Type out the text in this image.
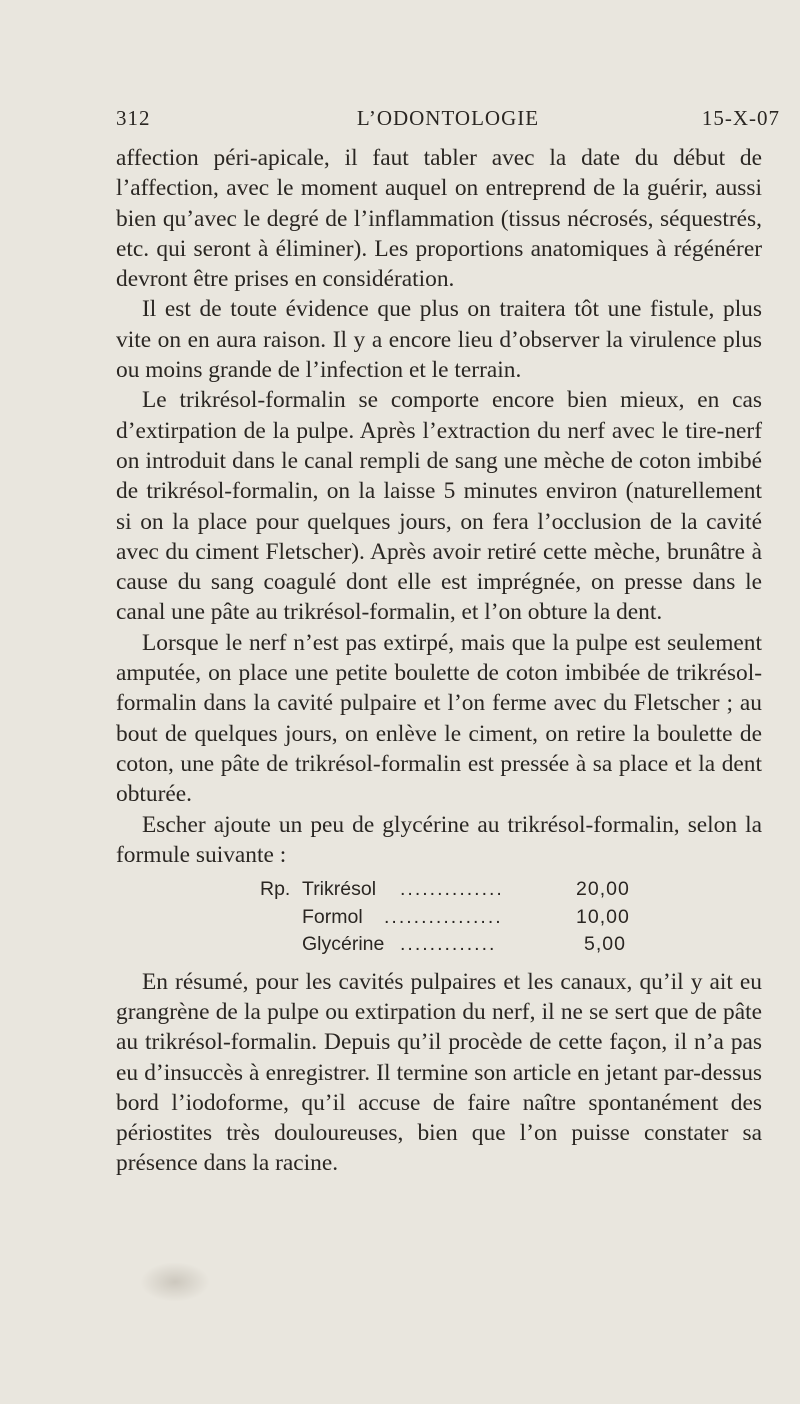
312	L’ODONTOLOGIE	15-X-07

affection péri-apicale, il faut tabler avec la date du début de l’affection, avec le moment auquel on entreprend de la guérir, aussi bien qu’avec le degré de l’inflammation (tissus nécrosés, séquestrés, etc. qui seront à éliminer). Les proportions anatomiques à régénérer devront être prises en considération.

Il est de toute évidence que plus on traitera tôt une fistule, plus vite on en aura raison. Il y a encore lieu d’observer la virulence plus ou moins grande de l’infection et le terrain.

Le trikrésol-formalin se comporte encore bien mieux, en cas d’extirpation de la pulpe. Après l’extraction du nerf avec le tire-nerf on introduit dans le canal rempli de sang une mèche de coton imbibé de trikrésol-formalin, on la laisse 5 minutes environ (naturellement si on la place pour quelques jours, on fera l’occlusion de la cavité avec du ciment Fletscher). Après avoir retiré cette mèche, brunâtre à cause du sang coagulé dont elle est imprégnée, on presse dans le canal une pâte au trikrésol-formalin, et l’on obture la dent.

Lorsque le nerf n’est pas extirpé, mais que la pulpe est seulement amputée, on place une petite boulette de coton imbibée de trikrésol-formalin dans la cavité pulpaire et l’on ferme avec du Fletscher ; au bout de quelques jours, on enlève le ciment, on retire la boulette de coton, une pâte de trikrésol-formalin est pressée à sa place et la dent obturée.

Escher ajoute un peu de glycérine au trikrésol-formalin, selon la formule suivante :

Rp. Trikrésol ..............	20,00
Formol ................	10,00
Glycérine .............	5,00

En résumé, pour les cavités pulpaires et les canaux, qu’il y ait eu grangrène de la pulpe ou extirpation du nerf, il ne se sert que de pâte au trikrésol-formalin. Depuis qu’il procède de cette façon, il n’a pas eu d’insuccès à enregistrer. Il termine son article en jetant par-dessus bord l’iodoforme, qu’il accuse de faire naître spontanément des périostites très douloureuses, bien que l’on puisse constater sa présence dans la racine.
